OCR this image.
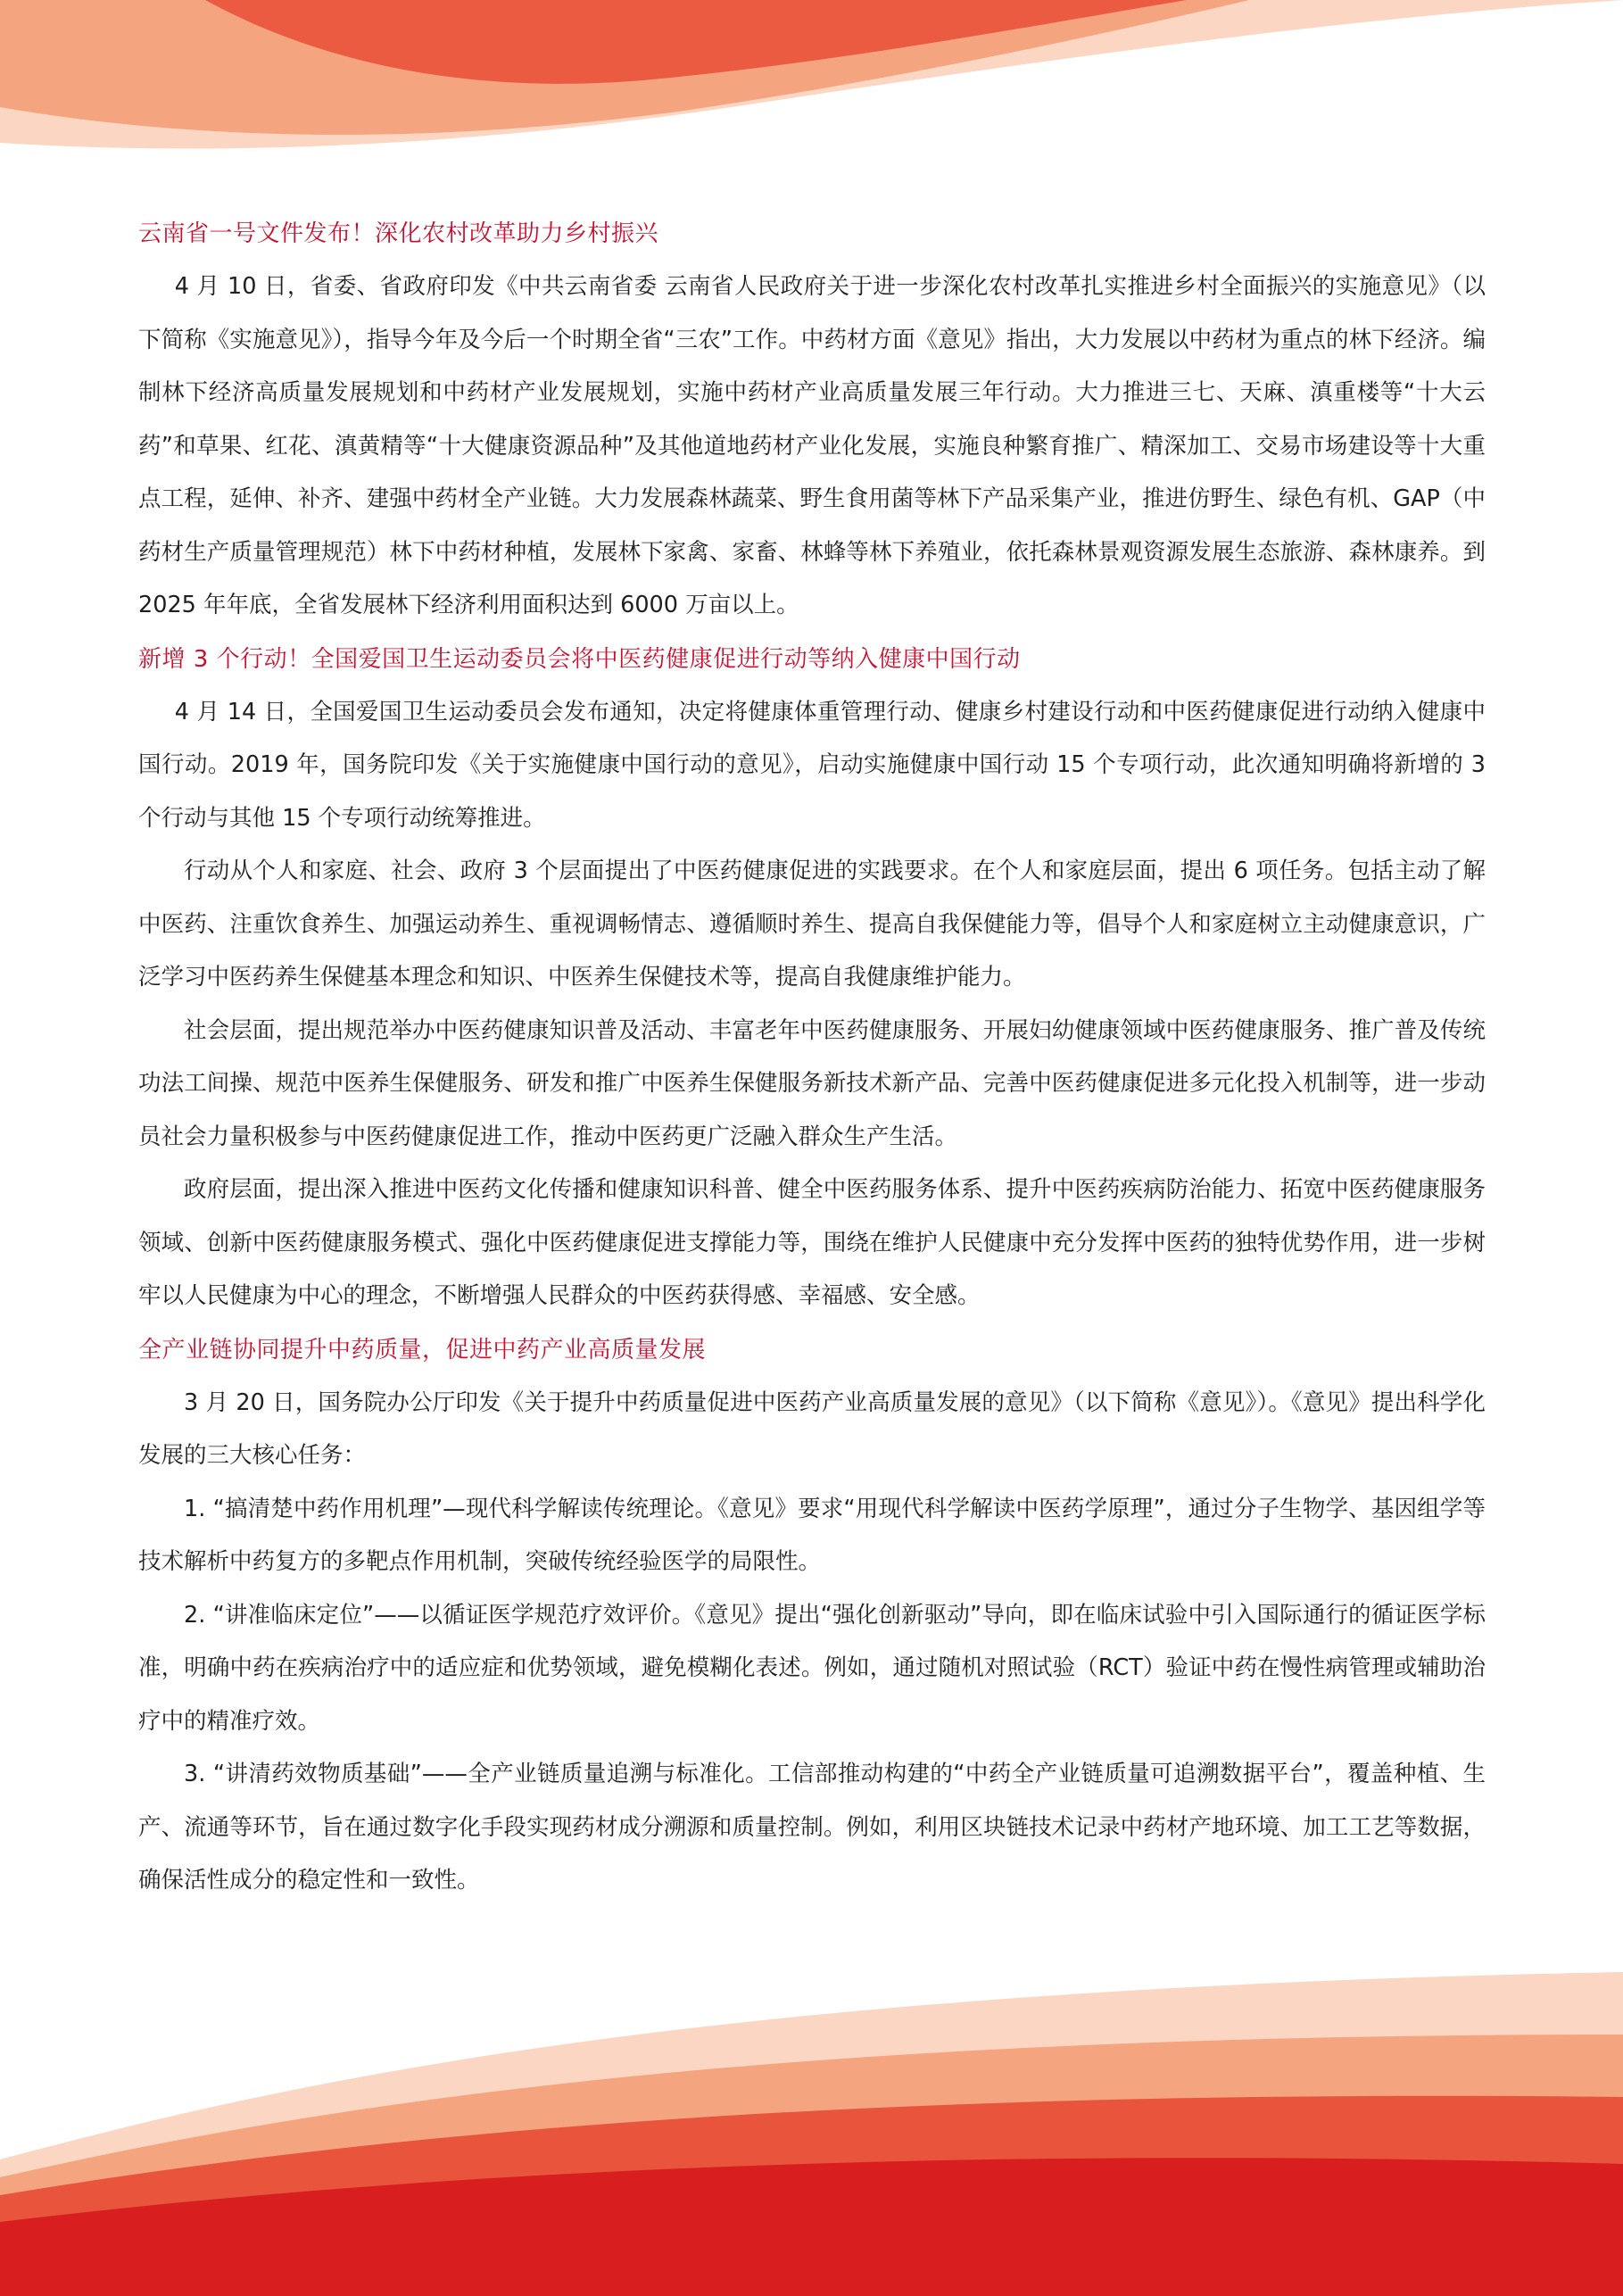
云南省一号文件发布！深化农村改革助力乡村振兴

4 月 10 日，省委、省政府印发《中共云南省委 云南省人民政府关于进一步深化农村改革扎实推进乡村全面振兴的实施意见》（以下简称《实施意见》），指导今年及今后一个时期全省“三农”工作。中药材方面《意见》指出，大力发展以中药材为重点的林下经济。编制林下经济高质量发展规划和中药材产业发展规划，实施中药材产业高质量发展三年行动。大力推进三七、天麻、滇重楼等“十大云药”和草果、红花、滇黄精等“十大健康资源品种”及其他道地药材产业化发展，实施良种繁育推广、精深加工、交易市场建设等十大重点工程，延伸、补齐、建强中药材全产业链。大力发展森林蔬菜、野生食用菌等林下产品采集产业，推进仿野生、绿色有机、GAP（中药材生产质量管理规范）林下中药材种植，发展林下家禽、家畜、林蜂等林下养殖业，依托森林景观资源发展生态旅游、森林康养。到 2025 年年底，全省发展林下经济利用面积达到 6000 万亩以上。

新增 3 个行动！全国爱国卫生运动委员会将中医药健康促进行动等纳入健康中国行动

4 月 14 日，全国爱国卫生运动委员会发布通知，决定将健康体重管理行动、健康乡村建设行动和中医药健康促进行动纳入健康中国行动。2019 年，国务院印发《关于实施健康中国行动的意见》，启动实施健康中国行动 15 个专项行动，此次通知明确将新增的 3 个行动与其他 15 个专项行动统筹推进。

行动从个人和家庭、社会、政府 3 个层面提出了中医药健康促进的实践要求。在个人和家庭层面，提出 6 项任务。包括主动了解中医药、注重饮食养生、加强运动养生、重视调畅情志、遵循顺时养生、提高自我保健能力等，倡导个人和家庭树立主动健康意识，广泛学习中医药养生保健基本理念和知识、中医养生保健技术等，提高自我健康维护能力。

社会层面，提出规范举办中医药健康知识普及活动、丰富老年中医药健康服务、开展妇幼健康领域中医药健康服务、推广普及传统功法工间操、规范中医养生保健服务、研发和推广中医养生保健服务新技术新产品、完善中医药健康促进多元化投入机制等，进一步动员社会力量积极参与中医药健康促进工作，推动中医药更广泛融入群众生产生活。

政府层面，提出深入推进中医药文化传播和健康知识科普、健全中医药服务体系、提升中医药疾病防治能力、拓宽中医药健康服务领域、创新中医药健康服务模式、强化中医药健康促进支撑能力等，围绕在维护人民健康中充分发挥中医药的独特优势作用，进一步树牢以人民健康为中心的理念，不断增强人民群众的中医药获得感、幸福感、安全感。

全产业链协同提升中药质量，促进中药产业高质量发展

3 月 20 日，国务院办公厅印发《关于提升中药质量促进中医药产业高质量发展的意见》（以下简称《意见》）。《意见》提出科学化发展的三大核心任务：

1. “搞清楚中药作用机理”—现代科学解读传统理论。《意见》要求“用现代科学解读中医药学原理”，通过分子生物学、基因组学等技术解析中药复方的多靶点作用机制，突破传统经验医学的局限性。

2. “讲准临床定位”——以循证医学规范疗效评价。《意见》提出“强化创新驱动”导向，即在临床试验中引入国际通行的循证医学标准，明确中药在疾病治疗中的适应症和优势领域，避免模糊化表述。例如，通过随机对照试验（RCT）验证中药在慢性病管理或辅助治疗中的精准疗效。

3. “讲清药效物质基础”——全产业链质量追溯与标准化。工信部推动构建的“中药全产业链质量可追溯数据平台”，覆盖种植、生产、流通等环节，旨在通过数字化手段实现药材成分溯源和质量控制。例如，利用区块链技术记录中药材产地环境、加工工艺等数据，确保活性成分的稳定性和一致性。
